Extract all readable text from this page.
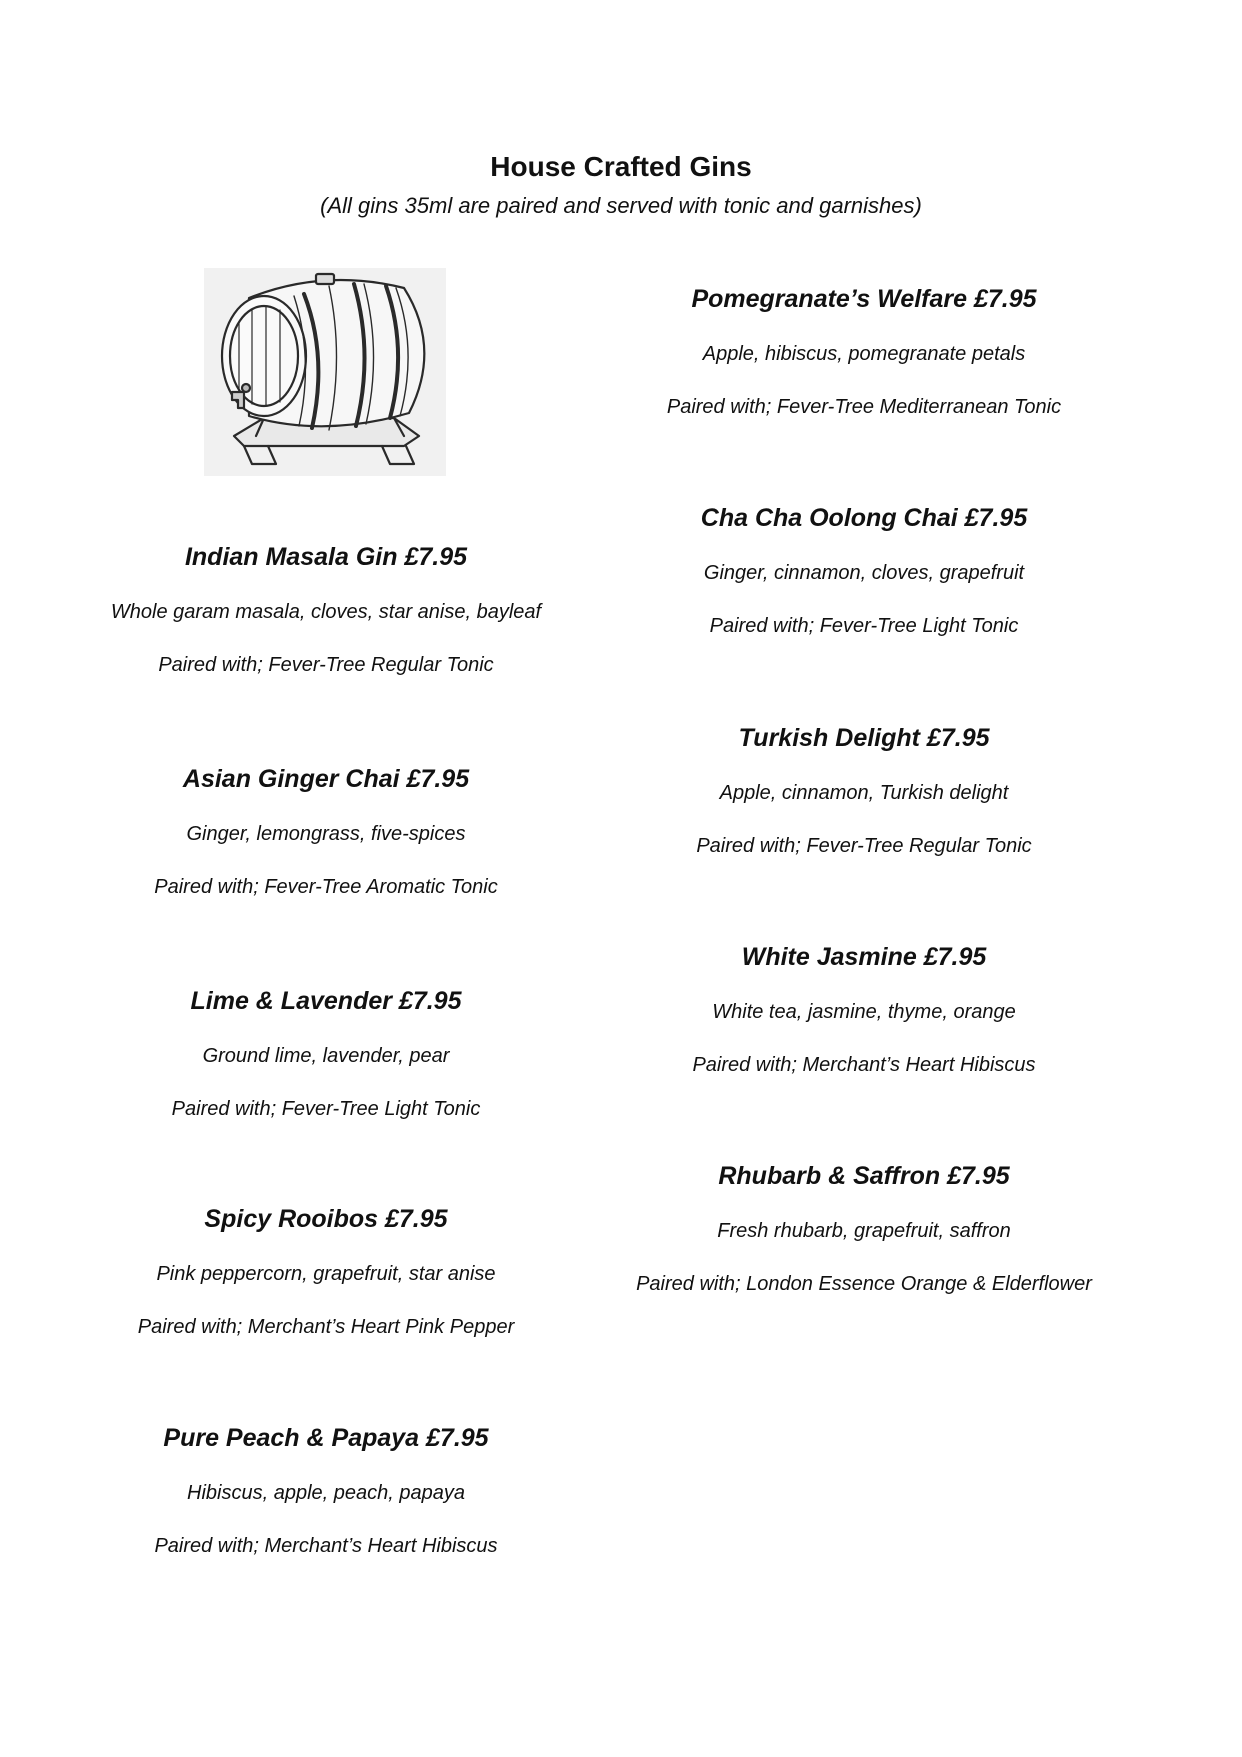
House Crafted Gins
(All gins 35ml are paired and served with tonic and garnishes)
Indian Masala Gin £7.95
Whole garam masala, cloves, star anise, bayleaf
Paired with; Fever-Tree Regular Tonic
Asian Ginger Chai £7.95
Ginger, lemongrass, five-spices
Paired with; Fever-Tree Aromatic Tonic
Lime & Lavender £7.95
Ground lime, lavender, pear
Paired with; Fever-Tree Light Tonic
Spicy Rooibos £7.95
Pink peppercorn, grapefruit, star anise
Paired with; Merchant’s Heart Pink Pepper
Pure Peach & Papaya £7.95
Hibiscus, apple, peach, papaya
Paired with; Merchant’s Heart Hibiscus
Pomegranate’s Welfare £7.95
Apple, hibiscus, pomegranate petals
Paired with; Fever-Tree Mediterranean Tonic
Cha Cha Oolong Chai £7.95
Ginger, cinnamon, cloves, grapefruit
Paired with; Fever-Tree Light Tonic
Turkish Delight £7.95
Apple, cinnamon, Turkish delight
Paired with; Fever-Tree Regular Tonic
White Jasmine £7.95
White tea, jasmine, thyme, orange
Paired with; Merchant’s Heart Hibiscus
Rhubarb & Saffron £7.95
Fresh rhubarb, grapefruit, saffron
Paired with; London Essence Orange & Elderflower
